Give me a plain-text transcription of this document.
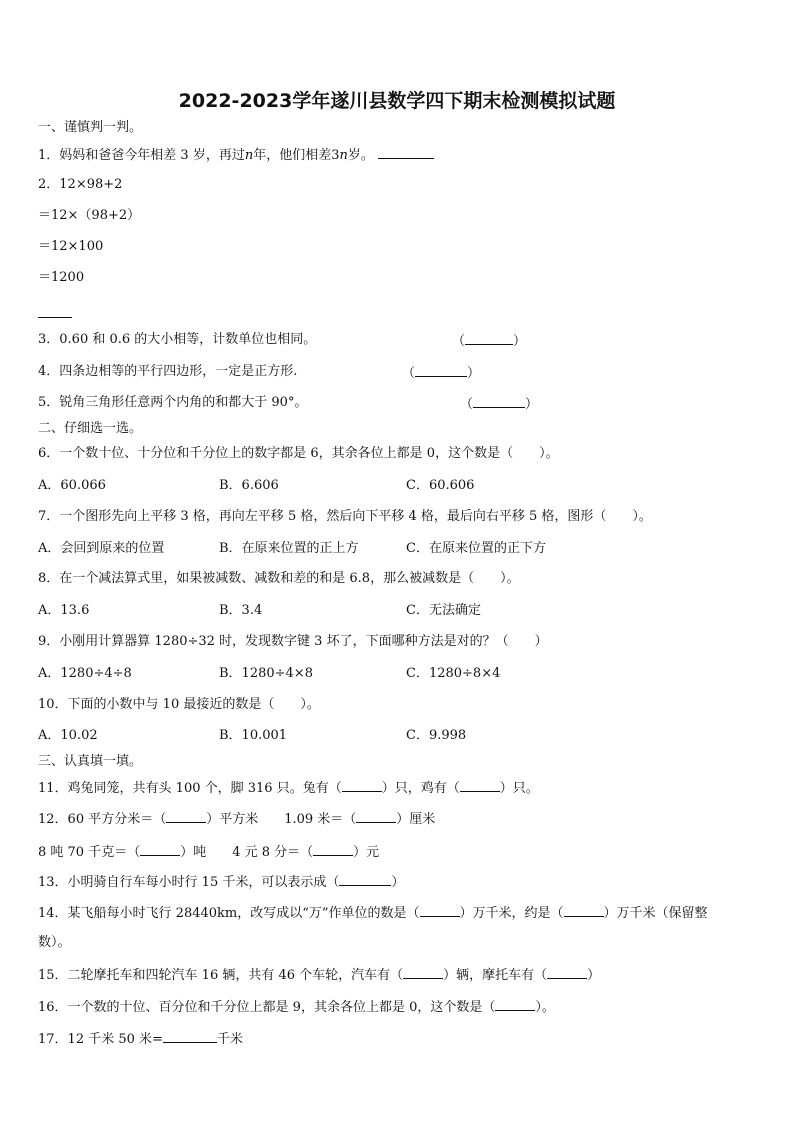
2022-2023学年遂川县数学四下期末检测模拟试题
一、谨慎判一判。
1．妈妈和爸爸今年相差 3 岁，再过n年，他们相差3n岁。
2．12×98+2
＝12×（98+2）
＝12×100
＝1200
3．0.60 和 0.6 的大小相等，计数单位也相同。	（	）
4．四条边相等的平行四边形，一定是正方形.	（	）
5．锐角三角形任意两个内角的和都大于 90°。	（	）
二、仔细选一选。
6．一个数十位、十分位和千分位上的数字都是 6，其余各位上都是 0，这个数是（　　）。
A．60.066	B．6.606	C．60.606
7．一个图形先向上平移 3 格，再向左平移 5 格，然后向下平移 4 格，最后向右平移 5 格，图形（　　）。
A．会回到原来的位置	B．在原来位置的正上方	C．在原来位置的正下方
8．在一个减法算式里，如果被减数、减数和差的和是 6.8，那么被减数是（　　）。
A．13.6	B．3.4	C．无法确定
9．小刚用计算器算 1280÷32 时，发现数字键 3 坏了，下面哪种方法是对的？（　　）
A．1280÷4÷8	B．1280÷4×8	C．1280÷8×4
10．下面的小数中与 10 最接近的数是（　　）。
A．10.02	B．10.001	C．9.998
三、认真填一填。
11．鸡兔同笼，共有头 100 个，脚 316 只。兔有（	）只，鸡有（	）只。
12．60 平方分米＝（	）平方米　　1.09 米＝（	）厘米
8 吨 70 千克＝（	）吨　　4 元 8 分＝（	）元
13．小明骑自行车每小时行 15 千米，可以表示成（	）
14．某飞船每小时飞行 28440km，改写成以“万”作单位的数是（	）万千米，约是（	）万千米（保留整
数）。
15．二轮摩托车和四轮汽车 16 辆，共有 46 个车轮，汽车有（	）辆，摩托车有（	）
16．一个数的十位、百分位和千分位上都是 9，其余各位上都是 0，这个数是（	）。
17．12 千米 50 米=	千米
